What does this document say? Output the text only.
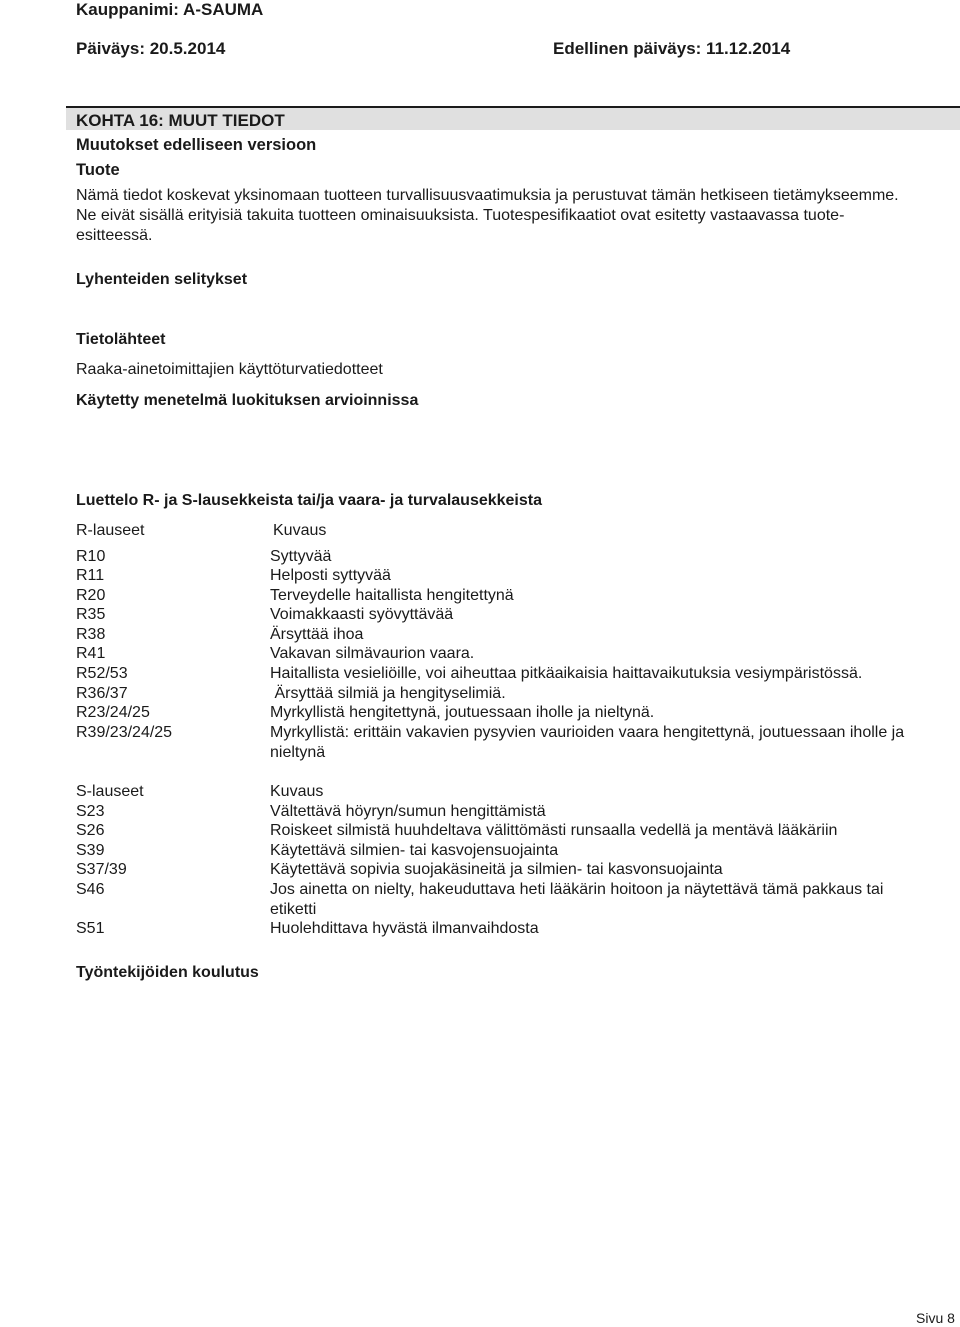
Kauppanimi: A-SAUMA
Päiväys: 20.5.2014	Edellinen päiväys: 11.12.2014
KOHTA 16: MUUT TIEDOT
Muutokset edelliseen versioon
Tuote
Nämä tiedot koskevat yksinomaan tuotteen turvallisuusvaatimuksia ja perustuvat tämän hetkiseen tietämykseemme. Ne eivät sisällä erityisiä takuita tuotteen ominaisuuksista. Tuotespesifikaatiot ovat esitetty vastaavassa tuote-esitteessä.
Lyhenteiden selitykset
Tietolähteet
Raaka-ainetoimittajien käyttöturvatiedotteet
Käytetty menetelmä luokituksen arvioinnissa
Luettelo R- ja S-lausekkeista tai/ja vaara- ja turvalausekkeista
R-lauseet	Kuvaus
R10	Syttyvää
R11	Helposti syttyvää
R20	Terveydelle haitallista hengitettynä
R35	Voimakkaasti syövyttävää
R38	Ärsyttää ihoa
R41	Vakavan silmävaurion vaara.
R52/53	Haitallista vesieliöille, voi aiheuttaa pitkäaikaisia haittavaikutuksia vesiympäristössä.
R36/37	Ärsyttää silmiä ja hengityselimiä.
R23/24/25	Myrkyllistä hengitettynä, joutuessaan iholle ja nieltynä.
R39/23/24/25	Myrkyllistä: erittäin vakavien pysyvien vaurioiden vaara hengitettynä, joutuessaan iholle ja nieltynä
S-lauseet	Kuvaus
S23	Vältettävä höyryn/sumun hengittämistä
S26	Roiskeet silmistä huuhdeltava välittömästi runsaalla vedellä ja mentävä lääkäriin
S39	Käytettävä silmien- tai kasvojensuojainta
S37/39	Käytettävä sopivia suojakäsineitä ja silmien- tai kasvonsuojainta
S46	Jos ainetta on nielty, hakeuduttava heti lääkärin hoitoon ja näytettävä tämä pakkaus tai etiketti
S51	Huolehdittava hyvästä ilmanvaihdosta
Työntekijöiden koulutus
Sivu 8
